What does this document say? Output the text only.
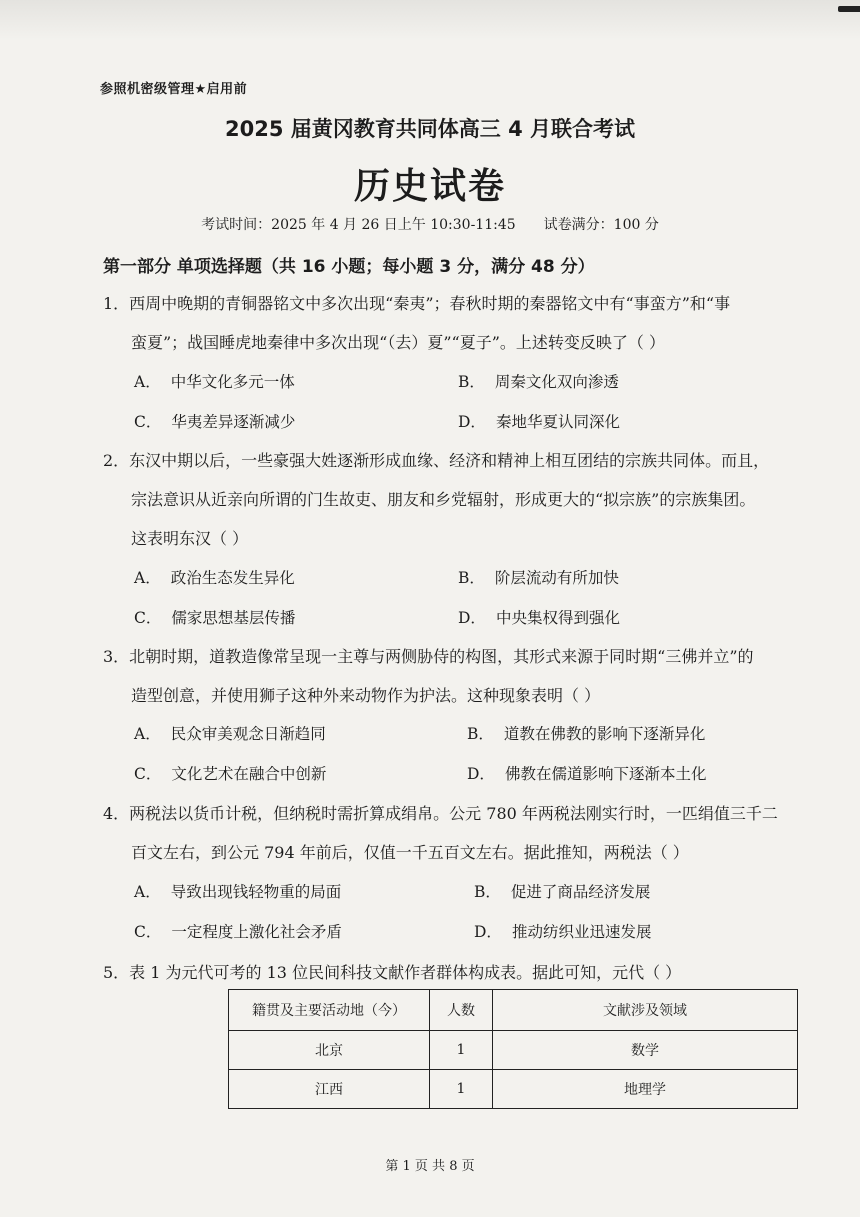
参照机密级管理★启用前
2025 届黄冈教育共同体高三 4 月联合考试
历史试卷
考试时间：2025 年 4 月 26 日上午 10:30-11:45 试卷满分：100 分
第一部分 单项选择题（共 16 小题；每小题 3 分，满分 48 分）
1．西周中晚期的青铜器铭文中多次出现“秦夷”；春秋时期的秦器铭文中有“事蛮方”和“事
蛮夏”；战国睡虎地秦律中多次出现“（去）夏”“夏子”。上述转变反映了（ ）
A． 中华文化多元一体	B． 周秦文化双向渗透
C． 华夷差异逐渐减少	D． 秦地华夏认同深化
2．东汉中期以后，一些豪强大姓逐渐形成血缘、经济和精神上相互团结的宗族共同体。而且，
宗法意识从近亲向所谓的门生故吏、朋友和乡党辐射，形成更大的“拟宗族”的宗族集团。
这表明东汉（ ）
A． 政治生态发生异化	B． 阶层流动有所加快
C． 儒家思想基层传播	D． 中央集权得到强化
3．北朝时期，道教造像常呈现一主尊与两侧胁侍的构图，其形式来源于同时期“三佛并立”的
造型创意，并使用狮子这种外来动物作为护法。这种现象表明（ ）
A． 民众审美观念日渐趋同	B． 道教在佛教的影响下逐渐异化
C． 文化艺术在融合中创新	D． 佛教在儒道影响下逐渐本土化
4．两税法以货币计税，但纳税时需折算成绢帛。公元 780 年两税法刚实行时，一匹绢值三千二
百文左右，到公元 794 年前后，仅值一千五百文左右。据此推知，两税法（ ）
A． 导致出现钱轻物重的局面	B． 促进了商品经济发展
C． 一定程度上激化社会矛盾	D． 推动纺织业迅速发展
5．表 1 为元代可考的 13 位民间科技文献作者群体构成表。据此可知，元代（ ）
籍贯及主要活动地（今）	人数	文献涉及领域
北京	1	数学
江西	1	地理学
第 1 页 共 8 页
